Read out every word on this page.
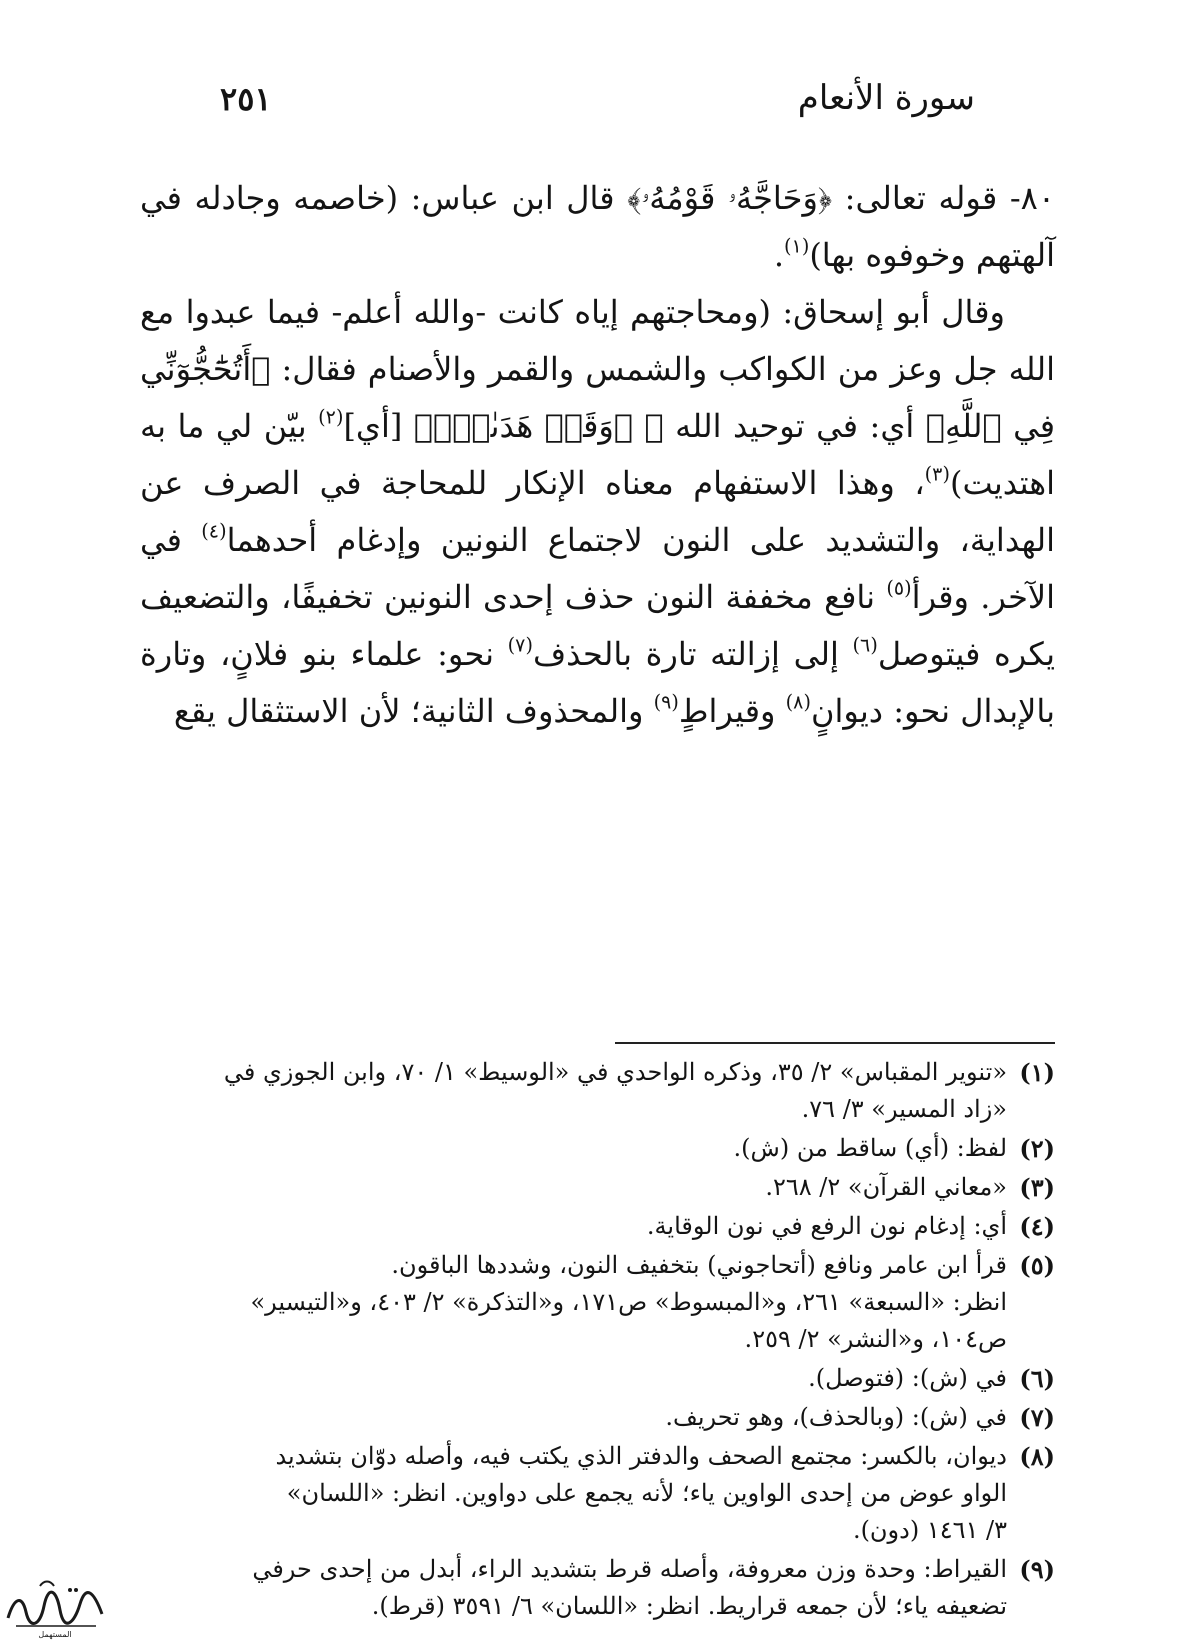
سورة الأنعام
٢٥١

٨٠- قوله تعالى: ﴿وَحَاجَّهُۥ قَوْمُهُۥ﴾ قال ابن عباس: (خاصمه وجادله في آلهتهم وخوفوه بها)$^{(١)}$.

وقال أبو إسحاق: (ومحاجتهم إياه كانت -والله أعلم- فيما عبدوا مع الله جل وعز من الكواكب والشمس والقمر والأصنام فقال: ﴿أَتُحَٰٓجُّوٓنِّي فِي ٱللَّهِ﴾ أي: في توحيد الله ﷻ ﴿وَقَدۡ هَدَىٰنِۚ﴾ [أي]$^{(٢)}$ بيّن لي ما به اهتديت)$^{(٣)}$، وهذا الاستفهام معناه الإنكار للمحاجة في الصرف عن الهداية، والتشديد على النون لاجتماع النونين وإدغام أحدهما$^{(٤)}$ في الآخر. وقرأ$^{(٥)}$ نافع مخففة النون حذف إحدى النونين تخفيفًا، والتضعيف يكره فيتوصل$^{(٦)}$ إلى إزالته تارة بالحذف$^{(٧)}$ نحو: علماء بنو فلانٍ، وتارة بالإبدال نحو: ديوانٍ$^{(٨)}$ وقيراطٍ$^{(٩)}$ والمحذوف الثانية؛ لأن الاستثقال يقع

(١)
«تنوير المقباس» ٢/ ٣٥، وذكره الواحدي في «الوسيط» ١/ ٧٠، وابن الجوزي في
«زاد المسير» ٣/ ٧٦.
(٢)
لفظ: (أي) ساقط من (ش).
(٣)
«معاني القرآن» ٢/ ٢٦٨.
(٤)
أي: إدغام نون الرفع في نون الوقاية.
(٥)
قرأ ابن عامر ونافع (أتحاجوني) بتخفيف النون، وشددها الباقون.
انظر: «السبعة» ٢٦١، و«المبسوط» ص١٧١، و«التذكرة» ٢/ ٤٠٣، و«التيسير»
ص١٠٤، و«النشر» ٢/ ٢٥٩.
(٦)
في (ش): (فتوصل).
(٧)
في (ش): (وبالحذف)، وهو تحريف.
(٨)
ديوان، بالكسر: مجتمع الصحف والدفتر الذي يكتب فيه، وأصله دوّان بتشديد
الواو عوض من إحدى الواوين ياء؛ لأنه يجمع على دواوين. انظر: «اللسان»
٣/ ١٤٦١ (دون).
(٩)
القيراط: وحدة وزن معروفة، وأصله قرط بتشديد الراء، أبدل من إحدى حرفي
تضعيفه ياء؛ لأن جمعه قراريط. انظر: «اللسان» ٦/ ٣٥٩١ (قرط).
المستهمل
